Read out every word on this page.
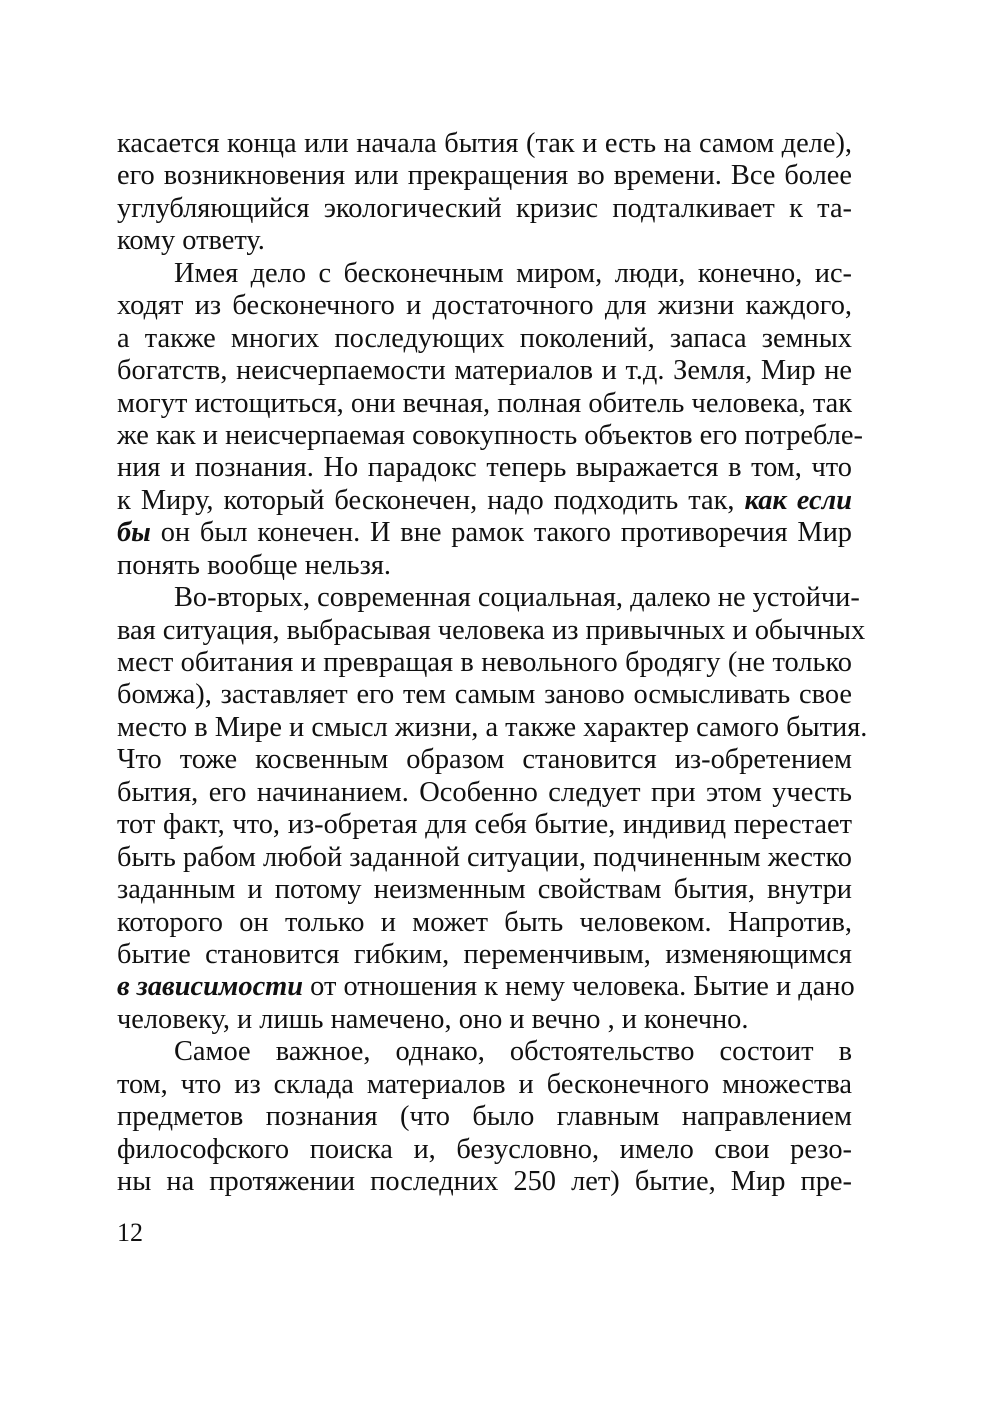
касается конца или начала бытия (так и есть на самом деле),
его возникновения или прекращения во времени. Все более
углубляющийся экологический кризис подталкивает к та-
кому ответу.

Имея дело с бесконечным миром, люди, конечно, ис-
ходят из бесконечного и достаточного для жизни каждого,
а также многих последующих поколений, запаса земных
богатств, неисчерпаемости материалов и т.д. Земля, Мир не
могут истощиться, они вечная, полная обитель человека, так
же как и неисчерпаемая совокупность объектов его потребле-
ния и познания. Но парадокс теперь выражается в том, что
к Миру, который бесконечен, надо подходить так, как если
бы он был конечен. И вне рамок такого противоречия Мир
понять вообще нельзя.

Во-вторых, современная социальная, далеко не устойчи-
вая ситуация, выбрасывая человека из привычных и обычных
мест обитания и превращая в невольного бродягу (не только
бомжа), заставляет его тем самым заново осмысливать свое
место в Мире и смысл жизни, а также характер самого бытия.
Что тоже косвенным образом становится из-обретением
бытия, его начинанием. Особенно следует при этом учесть
тот факт, что, из-обретая для себя бытие, индивид перестает
быть рабом любой заданной ситуации, подчиненным жестко
заданным и потому неизменным свойствам бытия, внутри
которого он только и может быть человеком. Напротив,
бытие становится гибким, переменчивым, изменяющимся
в зависимости от отношения к нему человека. Бытие и дано
человеку, и лишь намечено, оно и вечно , и конечно.

Самое важное, однако, обстоятельство состоит в
том, что из склада материалов и бесконечного множества
предметов познания (что было главным направлением
философского поиска и, безусловно, имело свои резо-
ны на протяжении последних 250 лет) бытие, Мир пре-

12
